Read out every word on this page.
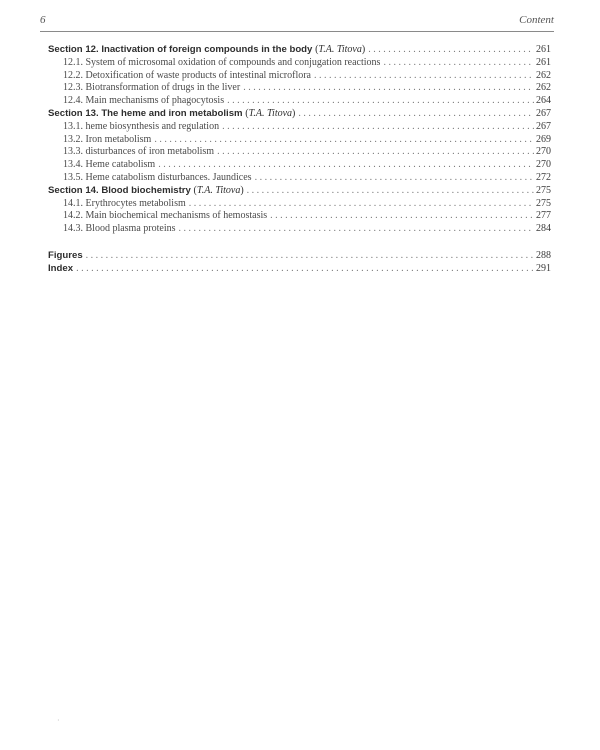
6	Content
Section 12. Inactivation of foreign compounds in the body (T.A. Titova) . . .	261
12.1. System of microsomal oxidation of compounds and conjugation reactions . . .	261
12.2. Detoxification of waste products of intestinal microflora . . .	262
12.3. Biotransformation of drugs in the liver . . .	262
12.4. Main mechanisms of phagocytosis . . .	264
Section 13. The heme and iron metabolism (T.A. Titova) . . .	267
13.1. heme biosynthesis and regulation . . .	267
13.2. Iron metabolism . . .	269
13.3. disturbances of iron metabolism . . .	270
13.4. Heme catabolism . . .	270
13.5. Heme catabolism disturbances. Jaundices . . .	272
Section 14. Blood biochemistry (T.A. Titova) . . .	275
14.1. Erythrocytes metabolism . . .	275
14.2. Main biochemical mechanisms of hemostasis . . .	277
14.3. Blood plasma proteins . . .	284
Figures . . .	288
Index . . .	291
·
